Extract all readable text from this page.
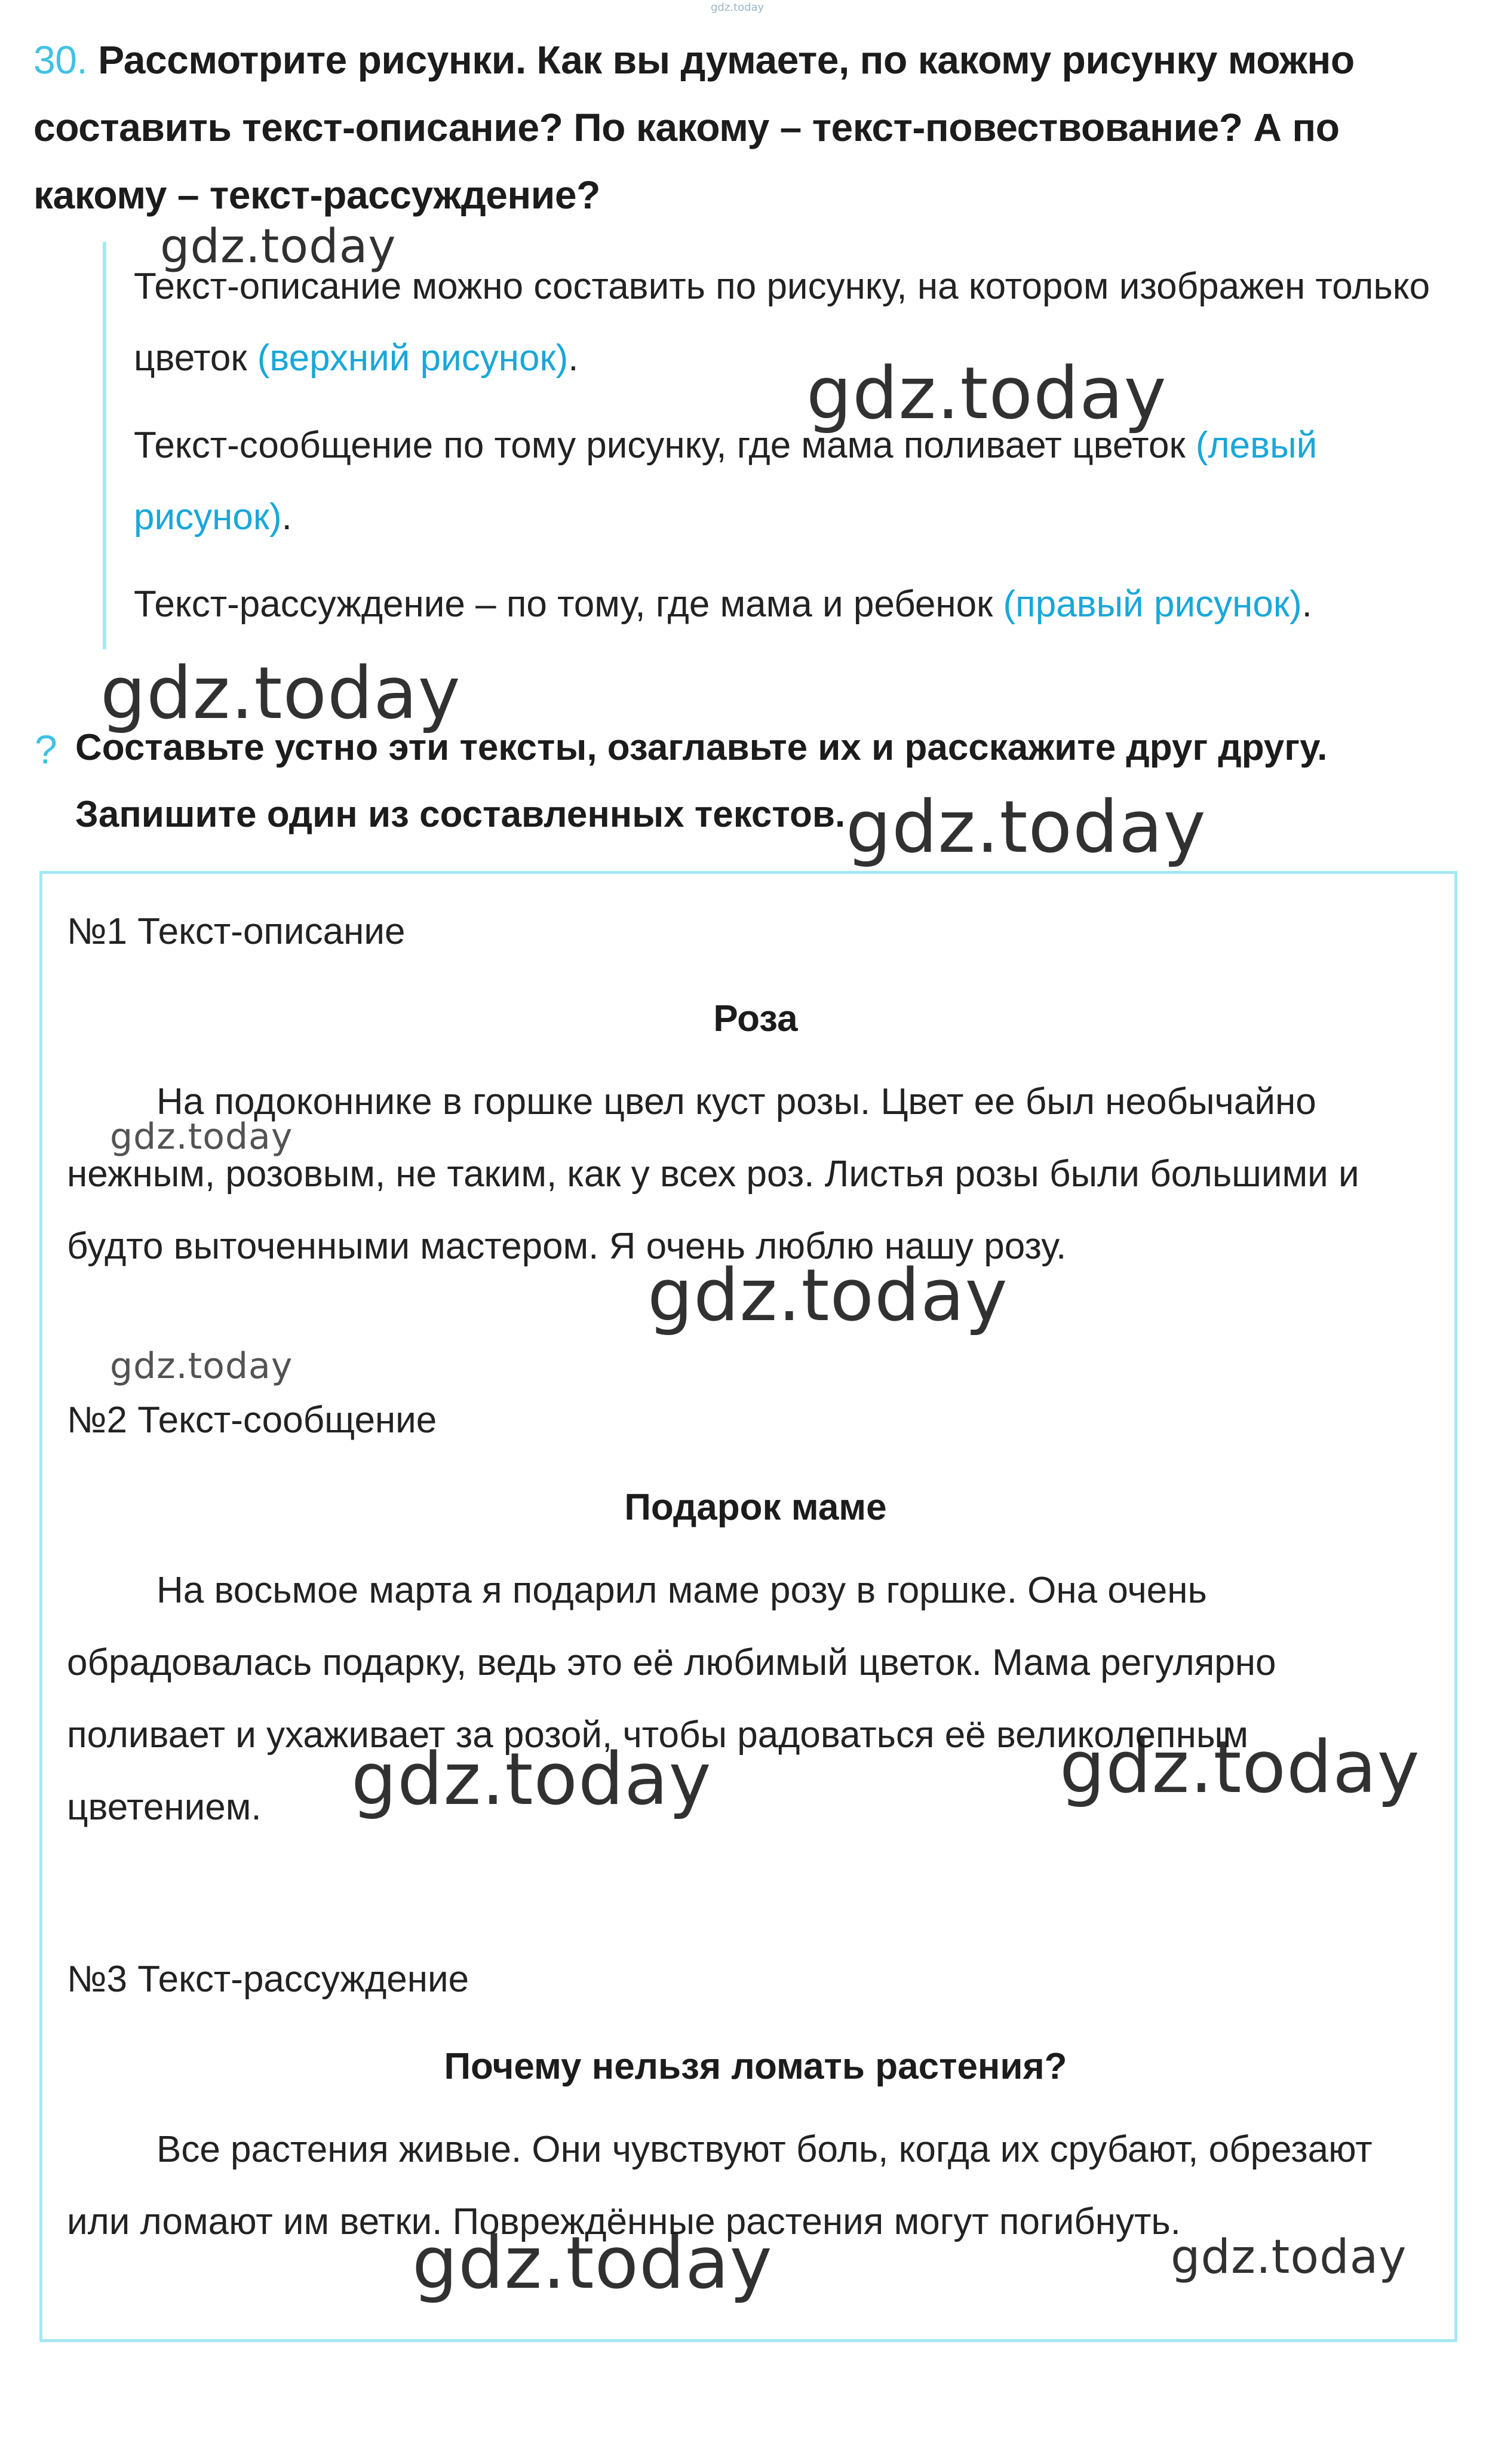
gdz.today
30. Рассмотрите рисунки. Как вы думаете, по какому рисунку можно составить текст-описание? По какому – текст-повествование? А по какому – текст-рассуждение?
Текст-описание можно составить по рисунку, на котором изображен только цветок (верхний рисунок).
Текст-сообщение по тому рисунку, где мама поливает цветок (левый рисунок).
Текст-рассуждение – по тому, где мама и ребенок (правый рисунок).
? Составьте устно эти тексты, озаглавьте их и расскажите друг другу. Запишите один из составленных текстов.
№1 Текст-описание
Роза
На подоконнике в горшке цвел куст розы. Цвет ее был необычайно нежным, розовым, не таким, как у всех роз. Листья розы были большими и будто выточенными мастером. Я очень люблю нашу розу.
№2 Текст-сообщение
Подарок маме
На восьмое марта я подарил маме розу в горшке. Она очень обрадовалась подарку, ведь это её любимый цветок. Мама регулярно поливает и ухаживает за розой, чтобы радоваться её великолепным цветением.
№3 Текст-рассуждение
Почему нельзя ломать растения?
Все растения живые. Они чувствуют боль, когда их срубают, обрезают или ломают им ветки. Повреждённые растения могут погибнуть.
gdz.today
gdz.today
gdz.today
gdz.today
gdz.today
gdz.today
gdz.today
gdz.today	gdz.today
gdz.today	gdz.today
